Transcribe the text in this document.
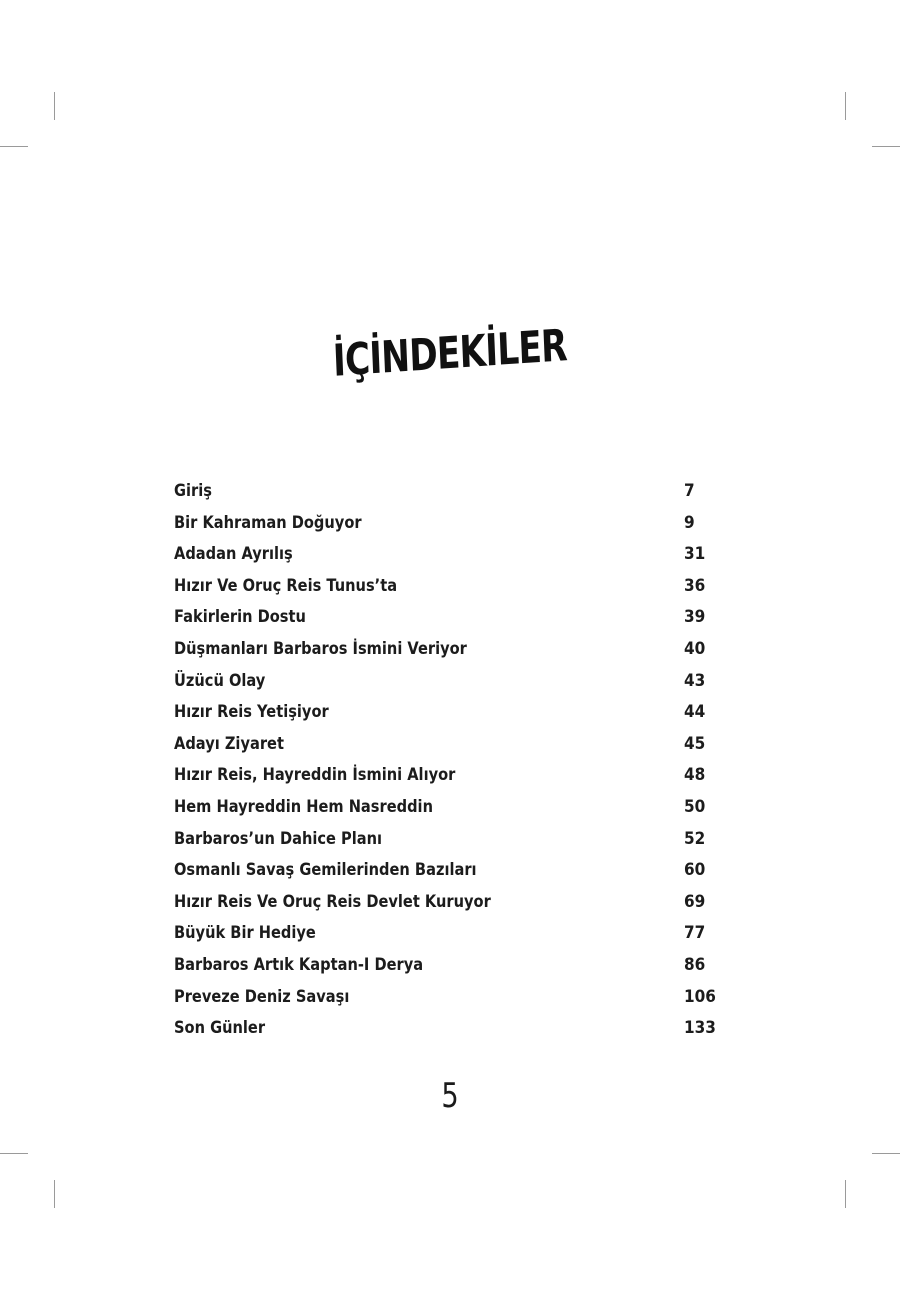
İÇİNDEKİLER
Giriş	7
Bir Kahraman Doğuyor	9
Adadan Ayrılış	31
Hızır Ve Oruç Reis Tunus’ta	36
Fakirlerin Dostu	39
Düşmanları Barbaros İsmini Veriyor	40
Üzücü Olay	43
Hızır Reis Yetişiyor	44
Adayı Ziyaret	45
Hızır Reis, Hayreddin İsmini Alıyor	48
Hem Hayreddin Hem Nasreddin	50
Barbaros’un Dahice Planı	52
Osmanlı Savaş Gemilerinden Bazıları	60
Hızır Reis Ve Oruç Reis Devlet Kuruyor	69
Büyük Bir Hediye	77
Barbaros Artık Kaptan-I Derya	86
Preveze Deniz Savaşı	106
Son Günler	133
5
